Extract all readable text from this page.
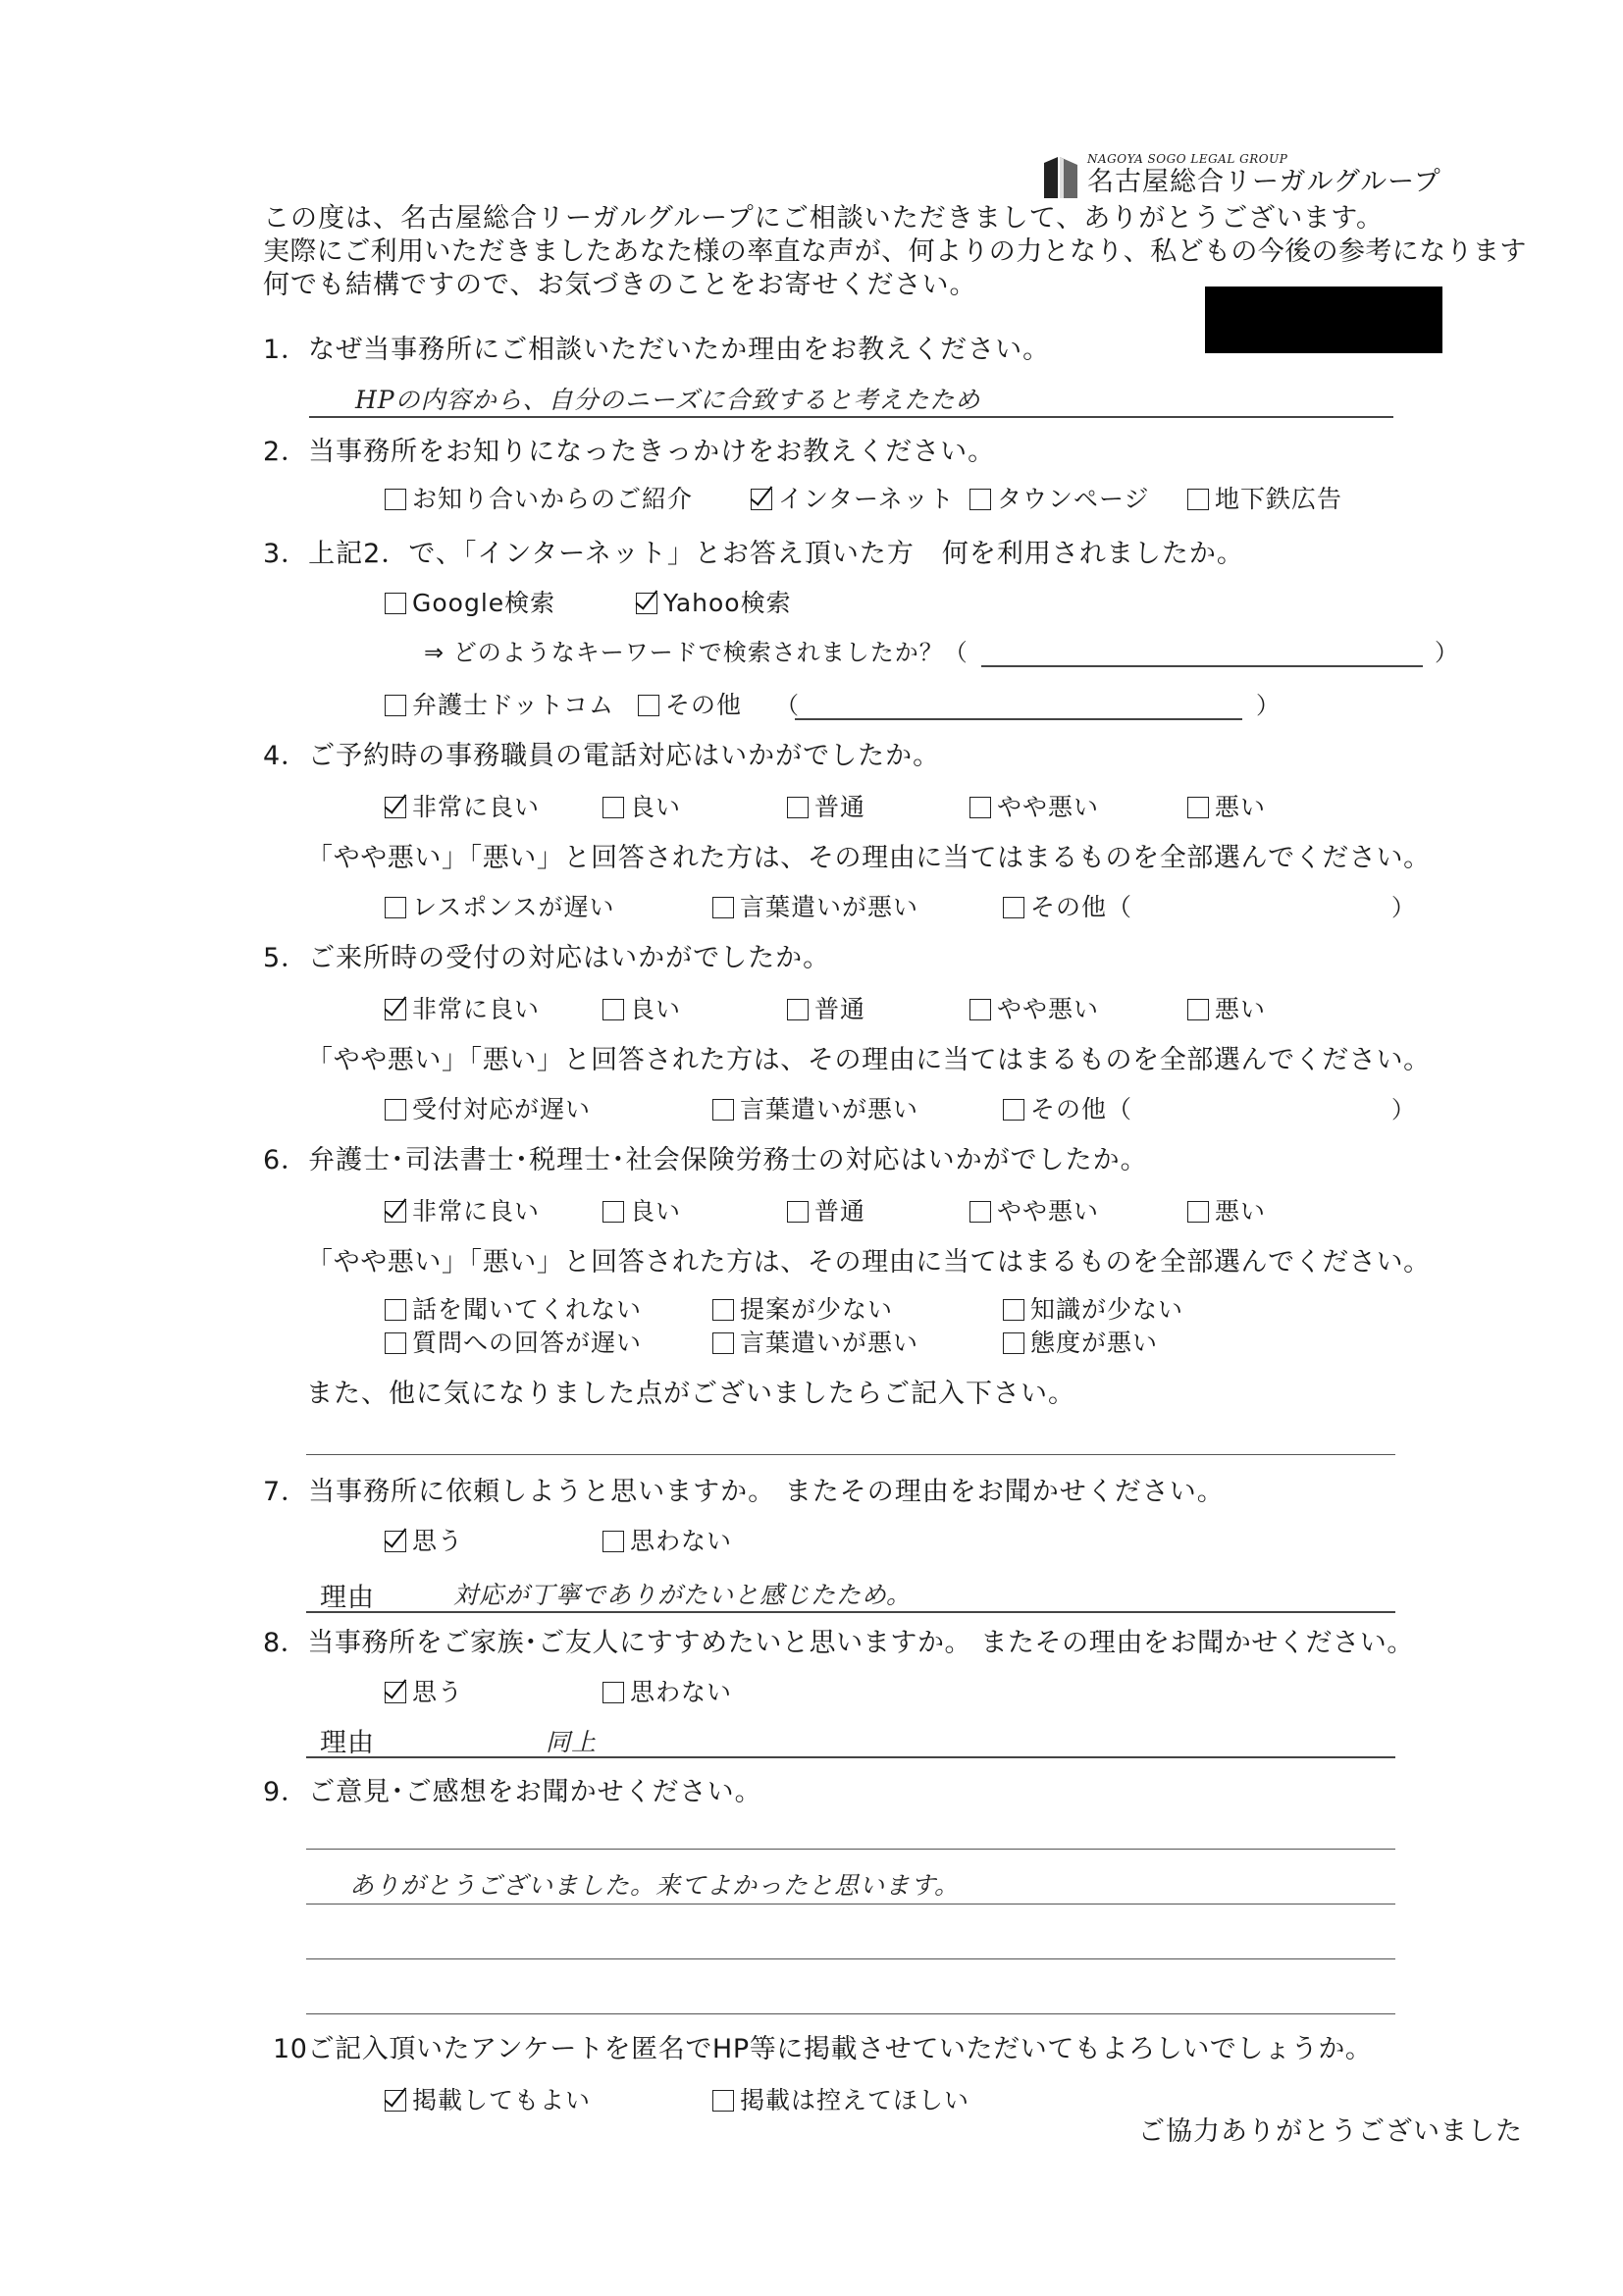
NAGOYA SOGO LEGAL GROUP
名古屋総合リーガルグループ
この度は、名古屋総合リーガルグループにご相談いただきまして、ありがとうございます。
実際にご利用いただきましたあなた様の率直な声が、何よりの力となり、私どもの今後の参考になります
何でも結構ですので、お気づきのことをお寄せください。
1．なぜ当事務所にご相談いただいたか理由をお教えください。
HPの内容から、自分のニーズに合致すると考えたため
2．当事務所をお知りになったきっかけをお教えください。
お知り合いからのご紹介	インターネット タウンページ	地下鉄広告
3．上記2．で、「インターネット」とお答え頂いた方　何を利用されましたか。
Google検索	Yahoo検索
⇒ どのようなキーワードで検索されましたか？（	）
弁護士ドットコム その他 （	）
4．ご予約時の事務職員の電話対応はいかがでしたか。
非常に良い	良い	普通	やや悪い	悪い
「やや悪い」「悪い」と回答された方は、その理由に当てはまるものを全部選んでください。
レスポンスが遅い	言葉遣いが悪い	その他（	）
5．ご来所時の受付の対応はいかがでしたか。
非常に良い	良い	普通	やや悪い	悪い
「やや悪い」「悪い」と回答された方は、その理由に当てはまるものを全部選んでください。
受付対応が遅い	言葉遣いが悪い	その他（	）
6．弁護士･司法書士･税理士･社会保険労務士の対応はいかがでしたか。
非常に良い	良い	普通	やや悪い	悪い
「やや悪い」「悪い」と回答された方は、その理由に当てはまるものを全部選んでください。
話を聞いてくれない	提案が少ない	知識が少ない
質問への回答が遅い	言葉遣いが悪い	態度が悪い
また、他に気になりました点がございましたらご記入下さい。
7．当事務所に依頼しようと思いますか。 またその理由をお聞かせください。
思う	思わない
理由	対応が丁寧でありがたいと感じたため。
8．当事務所をご家族･ご友人にすすめたいと思いますか。 またその理由をお聞かせください。
思う	思わない
理由	同上
9．ご意見･ご感想をお聞かせください。
ありがとうございました。来てよかったと思います。
10ご記入頂いたアンケートを匿名でHP等に掲載させていただいてもよろしいでしょうか。
掲載してもよい	掲載は控えてほしい
ご協力ありがとうございました
